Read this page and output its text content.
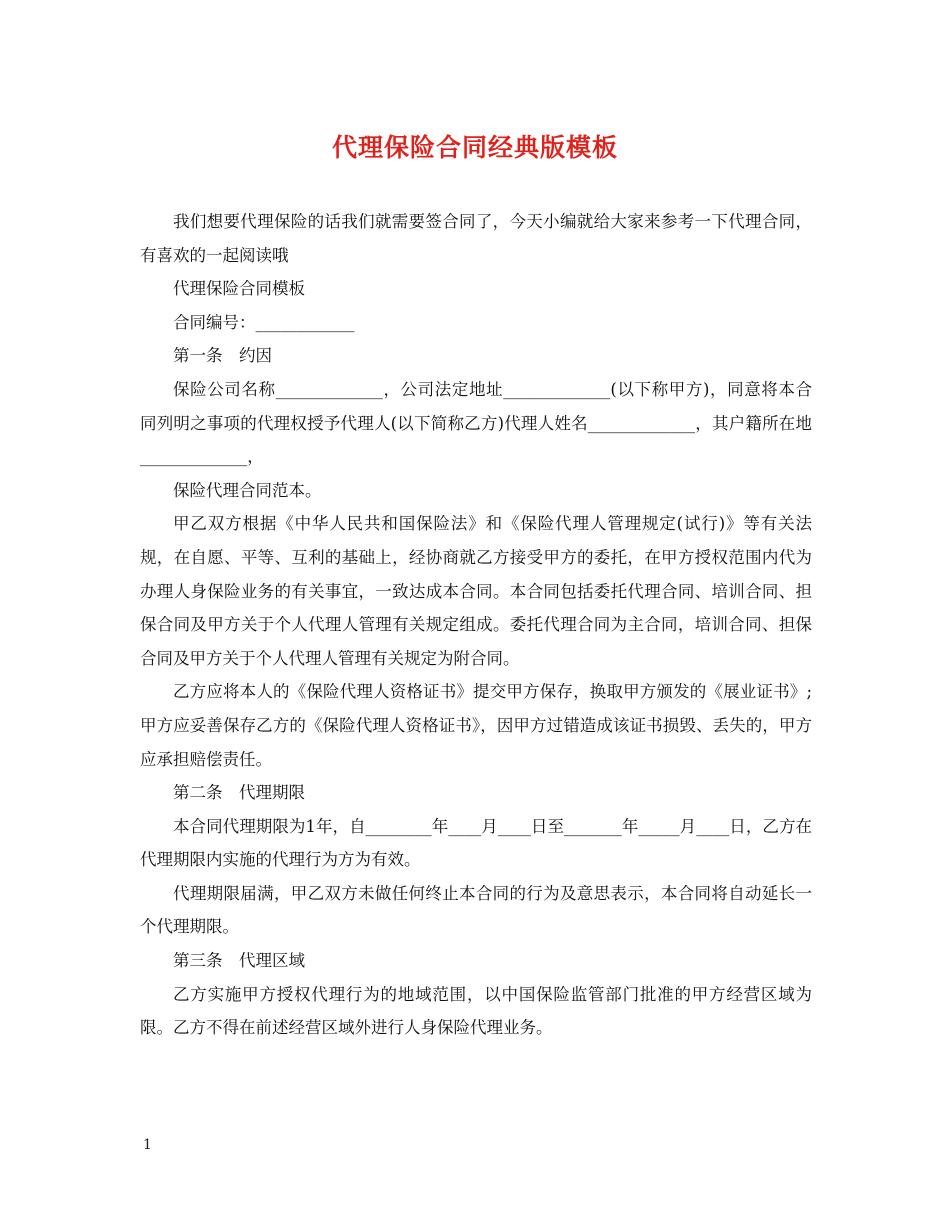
代理保险合同经典版模板

我们想要代理保险的话我们就需要签合同了，今天小编就给大家来参考一下代理合同，有喜欢的一起阅读哦

代理保险合同模板

合同编号：____________

第一条　约因

保险公司名称_____________，公司法定地址_____________(以下称甲方)，同意将本合同列明之事项的代理权授予代理人(以下简称乙方)代理人姓名_____________，其户籍所在地_____________，

保险代理合同范本。

甲乙双方根据《中华人民共和国保险法》和《保险代理人管理规定(试行)》等有关法规，在自愿、平等、互利的基础上，经协商就乙方接受甲方的委托，在甲方授权范围内代为办理人身保险业务的有关事宜，一致达成本合同。本合同包括委托代理合同、培训合同、担保合同及甲方关于个人代理人管理有关规定组成。委托代理合同为主合同，培训合同、担保合同及甲方关于个人代理人管理有关规定为附合同。

乙方应将本人的《保险代理人资格证书》提交甲方保存，换取甲方颁发的《展业证书》;甲方应妥善保存乙方的《保险代理人资格证书》，因甲方过错造成该证书损毁、丢失的，甲方应承担赔偿责任。

第二条　代理期限

本合同代理期限为1年，自________年____月____日至_______年_____月____日，乙方在代理期限内实施的代理行为方为有效。

代理期限届满，甲乙双方未做任何终止本合同的行为及意思表示，本合同将自动延长一个代理期限。

第三条　代理区域

乙方实施甲方授权代理行为的地域范围，以中国保险监管部门批准的甲方经营区域为限。乙方不得在前述经营区域外进行人身保险代理业务。

1
